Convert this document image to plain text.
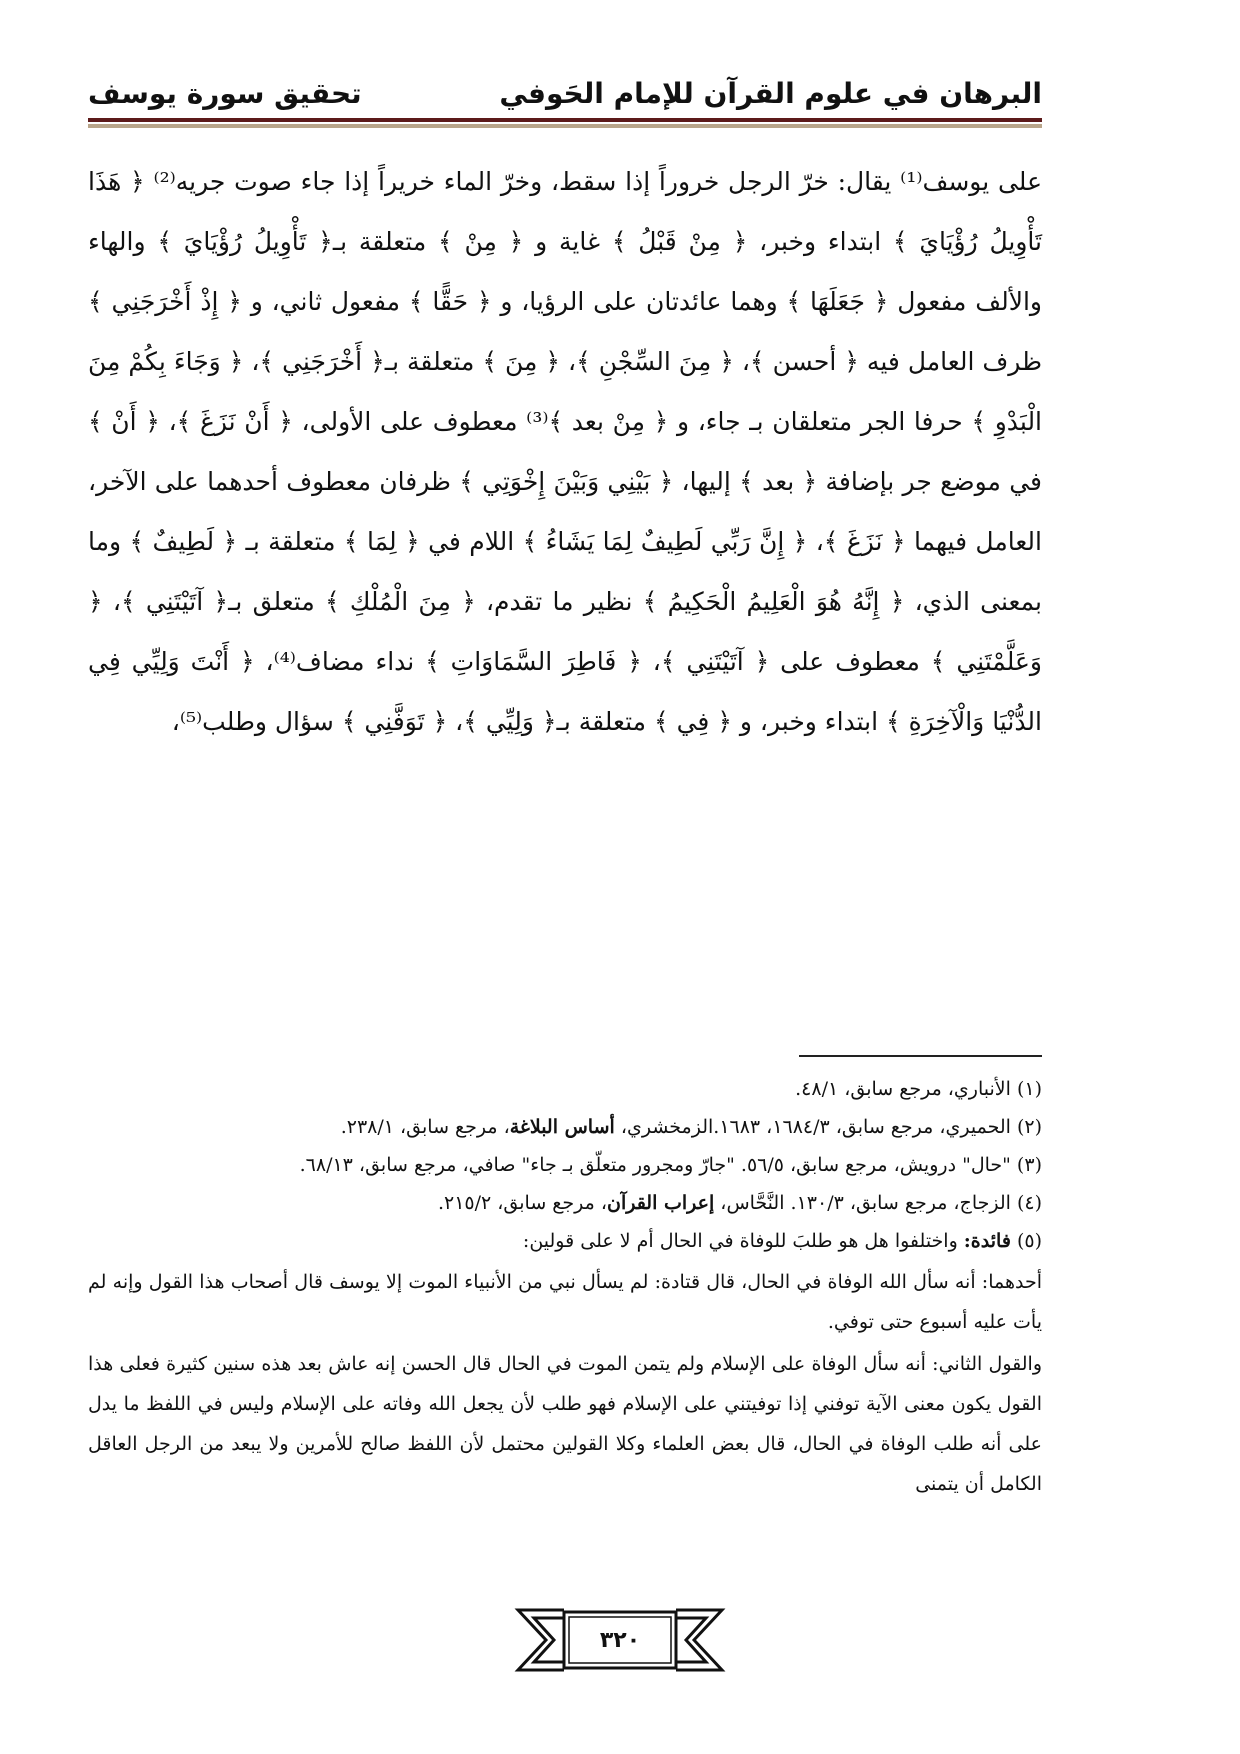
البرهان في علوم القرآن للإمام الحَوفي
تحقيق سورة يوسف

على يوسف⁽¹⁾ يقال: خرّ الرجل خروراً إذا سقط، وخرّ الماء خريراً إذا جاء صوت جريه⁽²⁾ ﴿ هَذَا تَأْوِيلُ رُؤْيَايَ ﴾ ابتداء وخبر، ﴿ مِنْ قَبْلُ ﴾ غاية و ﴿ مِنْ ﴾ متعلقة بـ﴿ تَأْوِيلُ رُؤْيَايَ ﴾ والهاء والألف مفعول ﴿ جَعَلَهَا ﴾ وهما عائدتان على الرؤيا، و ﴿ حَقًّا ﴾ مفعول ثاني، و ﴿ إِذْ أَخْرَجَنِي ﴾ ظرف العامل فيه ﴿ أحسن ﴾، ﴿ مِنَ السِّجْنِ ﴾، ﴿ مِنَ ﴾ متعلقة بـ﴿ أَخْرَجَنِي ﴾، ﴿ وَجَاءَ بِكُمْ مِنَ الْبَدْوِ ﴾ حرفا الجر متعلقان بـ جاء، و ﴿ مِنْ بعد ﴾⁽³⁾ معطوف على الأولى، ﴿ أَنْ نَزَغَ ﴾، ﴿ أَنْ ﴾ في موضع جر بإضافة ﴿ بعد ﴾ إليها، ﴿ بَيْنِي وَبَيْنَ إِخْوَتِي ﴾ ظرفان معطوف أحدهما على الآخر، العامل فيهما ﴿ نَزَغَ ﴾، ﴿ إِنَّ رَبِّي لَطِيفٌ لِمَا يَشَاءُ ﴾ اللام في ﴿ لِمَا ﴾ متعلقة بـ ﴿ لَطِيفٌ ﴾ وما بمعنى الذي، ﴿ إِنَّهُ هُوَ الْعَلِيمُ الْحَكِيمُ ﴾ نظير ما تقدم، ﴿ مِنَ الْمُلْكِ ﴾ متعلق بـ﴿ آتَيْتَنِي ﴾، ﴿ وَعَلَّمْتَنِي ﴾ معطوف على ﴿ آتَيْتَنِي ﴾، ﴿ فَاطِرَ السَّمَاوَاتِ ﴾ نداء مضاف⁽⁴⁾، ﴿ أَنْتَ وَلِيِّي فِي الدُّنْيَا وَالْآخِرَةِ ﴾ ابتداء وخبر، و ﴿ فِي ﴾ متعلقة بـ﴿ وَلِيِّي ﴾، ﴿ تَوَفَّنِي ﴾ سؤال وطلب⁽⁵⁾،

(١) الأنباري، مرجع سابق، ٤٨/١.

(٢) الحميري، مرجع سابق، ١٦٨٤/٣، ١٦٨٣.الزمخشري، أساس البلاغة، مرجع سابق، ٢٣٨/١.

(٣) "حال" درويش، مرجع سابق، ٥٦/٥. "جارّ ومجرور متعلّق بـ جاء" صافي، مرجع سابق، ٦٨/١٣.

(٤) الزجاج، مرجع سابق، ١٣٠/٣. النَّحَّاس، إعراب القرآن، مرجع سابق، ٢١٥/٢.

(٥) فائدة: واختلفوا هل هو طلبَ للوفاة في الحال أم لا على قولين:

أحدهما: أنه سأل الله الوفاة في الحال، قال قتادة: لم يسأل نبي من الأنبياء الموت إلا يوسف قال أصحاب هذا القول وإنه لم يأت عليه أسبوع حتى توفي.

والقول الثاني: أنه سأل الوفاة على الإسلام ولم يتمن الموت في الحال قال الحسن إنه عاش بعد هذه سنين كثيرة فعلى هذا القول يكون معنى الآية توفني إذا توفيتني على الإسلام فهو طلب لأن يجعل الله وفاته على الإسلام وليس في اللفظ ما يدل على أنه طلب الوفاة في الحال، قال بعض العلماء وكلا القولين محتمل لأن اللفظ صالح للأمرين ولا يبعد من الرجل العاقل الكامل أن يتمنى

٣٢٠
